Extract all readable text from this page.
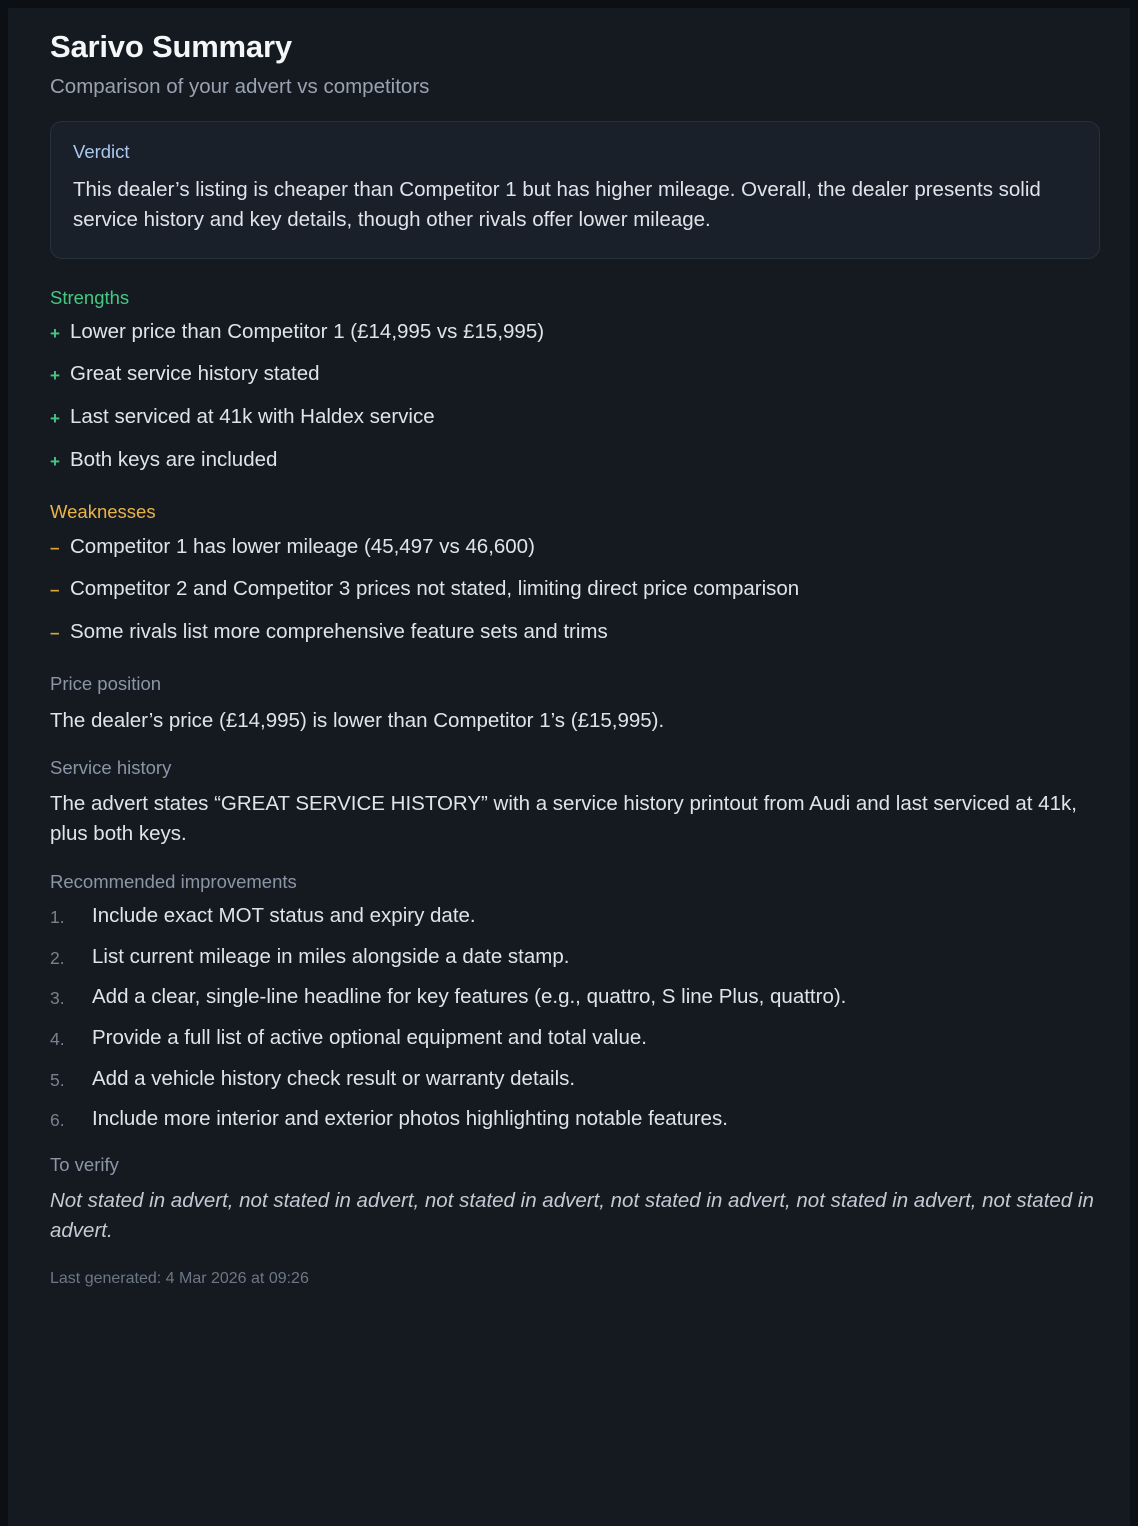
Sarivo Summary
Comparison of your advert vs competitors
Verdict
This dealer’s listing is cheaper than Competitor 1 but has higher mileage. Overall, the dealer presents solid service history and key details, though other rivals offer lower mileage.
Strengths
+ Lower price than Competitor 1 (£14,995 vs £15,995)
+ Great service history stated
+ Last serviced at 41k with Haldex service
+ Both keys are included
Weaknesses
– Competitor 1 has lower mileage (45,497 vs 46,600)
– Competitor 2 and Competitor 3 prices not stated, limiting direct price comparison
– Some rivals list more comprehensive feature sets and trims
Price position
The dealer’s price (£14,995) is lower than Competitor 1’s (£15,995).
Service history
The advert states “GREAT SERVICE HISTORY” with a service history printout from Audi and last serviced at 41k, plus both keys.
Recommended improvements
1.	Include exact MOT status and expiry date.
2.	List current mileage in miles alongside a date stamp.
3.	Add a clear, single-line headline for key features (e.g., quattro, S line Plus, quattro).
4.	Provide a full list of active optional equipment and total value.
5.	Add a vehicle history check result or warranty details.
6.	Include more interior and exterior photos highlighting notable features.
To verify
Not stated in advert, not stated in advert, not stated in advert, not stated in advert, not stated in advert, not stated in advert.
Last generated: 4 Mar 2026 at 09:26
